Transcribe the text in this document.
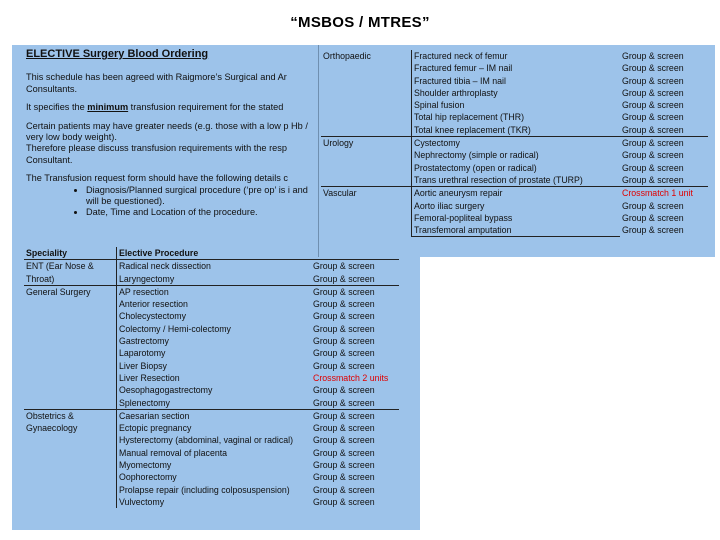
“MSBOS / MTRES”
ELECTIVE Surgery Blood Ordering

This schedule has been agreed with Raigmore’s Surgical and Ar Consultants.

It specifies the minimum transfusion requirement for the stated

Certain patients may have greater needs (e.g. those with a low p Hb / very low body weight).

Therefore please discuss transfusion requirements with the resp Consultant.

The Transfusion request form should have the following details c

• Diagnosis/Planned surgical procedure (‘pre op’ is i and will be questioned).
• Date, Time and Location of the procedure.
Speciality	Elective Procedure	
ENT (Ear Nose &	Radical neck dissection	Group & screen
Throat)	Laryngectomy	Group & screen
General Surgery	AP resection	Group & screen
	Anterior resection	Group & screen
	Cholecystectomy	Group & screen
	Colectomy / Hemi-colectomy	Group & screen
	Gastrectomy	Group & screen
	Laparotomy	Group & screen
	Liver Biopsy	Group & screen
	Liver Resection	Crossmatch 2 units
	Oesophagogastrectomy	Group & screen
	Splenectomy	Group & screen
Obstetrics &	Caesarian section	Group & screen
Gynaecology	Ectopic pregnancy	Group & screen
	Hysterectomy (abdominal, vaginal or radical)	Group & screen
	Manual removal of placenta	Group & screen
	Myomectomy	Group & screen
	Oophorectomy	Group & screen
	Prolapse repair (including colposuspension)	Group & screen
	Vulvectomy	Group & screen
Orthopaedic	Fractured neck of femur	Group & screen
	Fractured femur – IM nail	Group & screen
	Fractured tibia – IM nail	Group & screen
	Shoulder arthroplasty	Group & screen
	Spinal fusion	Group & screen
	Total hip replacement (THR)	Group & screen
	Total knee replacement (TKR)	Group & screen
Urology	Cystectomy	Group & screen
	Nephrectomy (simple or radical)	Group & screen
	Prostatectomy (open or radical)	Group & screen
	Trans urethral resection of prostate (TURP)	Group & screen
Vascular	Aortic aneurysm repair	Crossmatch 1 unit
	Aorto iliac surgery	Group & screen
	Femoral-popliteal bypass	Group & screen
	Transfemoral amputation	Group & screen
